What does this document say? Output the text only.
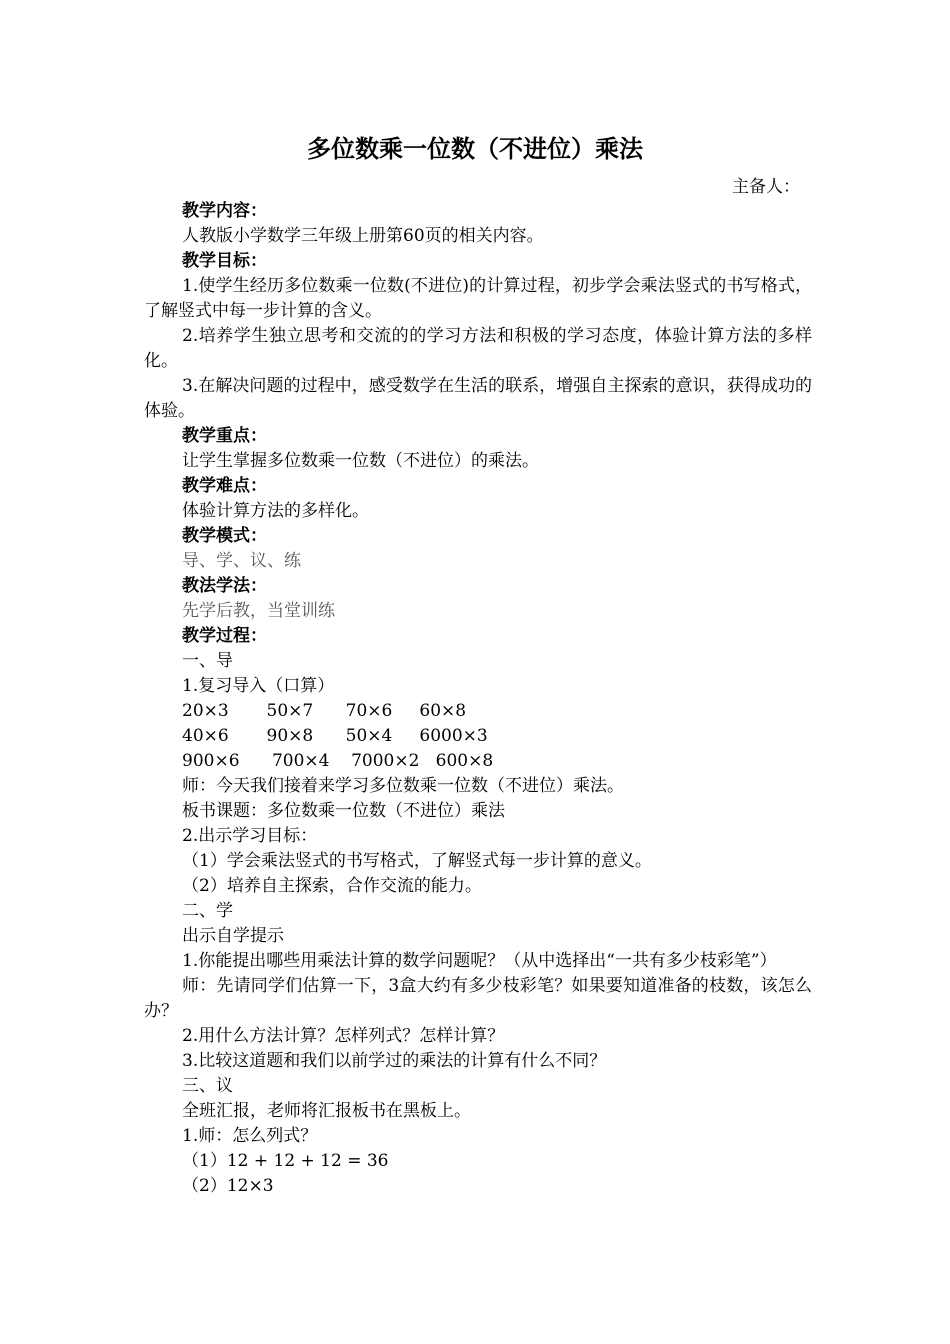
多位数乘一位数（不进位）乘法
主备人：

教学内容：

人教版小学数学三年级上册第60页的相关内容。

教学目标：

1.使学生经历多位数乘一位数(不进位)的计算过程，初步学会乘法竖式的书写格式，了解竖式中每一步计算的含义。

2.培养学生独立思考和交流的的学习方法和积极的学习态度，体验计算方法的多样化。

3.在解决问题的过程中，感受数学在生活的联系，增强自主探索的意识，获得成功的体验。

教学重点：

让学生掌握多位数乘一位数（不进位）的乘法。

教学难点：

体验计算方法的多样化。

教学模式：

导、学、议、练

教法学法：

先学后教，当堂训练

教学过程：

一、导

1.复习导入（口算）

20×3 50×7 70×6 60×8
40×6 90×8 50×4 6000×3
900×6 700×4 7000×2 600×8

师：今天我们接着来学习多位数乘一位数（不进位）乘法。

板书课题：多位数乘一位数（不进位）乘法

2.出示学习目标：

（1）学会乘法竖式的书写格式，了解竖式每一步计算的意义。

（2）培养自主探索，合作交流的能力。

二、学

出示自学提示

1.你能提出哪些用乘法计算的数学问题呢？（从中选择出“一共有多少枝彩笔”）

师：先请同学们估算一下，3盒大约有多少枝彩笔？如果要知道准备的枝数，该怎么办？

2.用什么方法计算？怎样列式？怎样计算？

3.比较这道题和我们以前学过的乘法的计算有什么不同？

三、议

全班汇报，老师将汇报板书在黑板上。

1.师：怎么列式？

（1）12 + 12 + 12 = 36

（2）12×3
